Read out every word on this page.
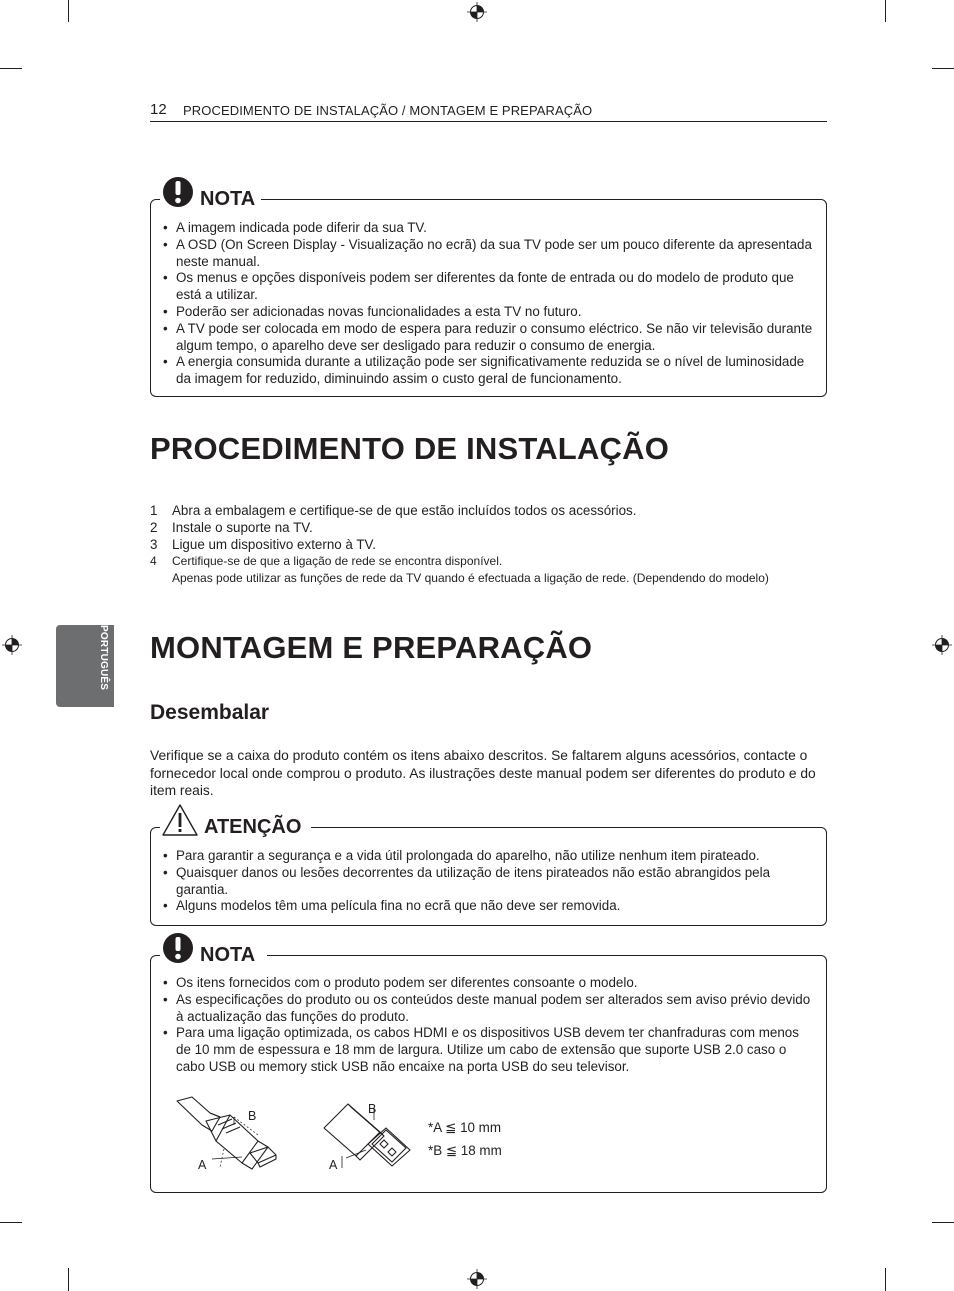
12 PROCEDIMENTO DE INSTALAÇÃO / MONTAGEM E PREPARAÇÃO
PORTUGUÊS
NOTA
• A imagem indicada pode diferir da sua TV.
• A OSD (On Screen Display - Visualização no ecrã) da sua TV pode ser um pouco diferente da apresentada neste manual.
• Os menus e opções disponíveis podem ser diferentes da fonte de entrada ou do modelo de produto que está a utilizar.
• Poderão ser adicionadas novas funcionalidades a esta TV no futuro.
• A TV pode ser colocada em modo de espera para reduzir o consumo eléctrico. Se não vir televisão durante algum tempo, o aparelho deve ser desligado para reduzir o consumo de energia.
• A energia consumida durante a utilização pode ser significativamente reduzida se o nível de luminosidade da imagem for reduzido, diminuindo assim o custo geral de funcionamento.
PROCEDIMENTO DE INSTALAÇÃO
1 Abra a embalagem e certifique-se de que estão incluídos todos os acessórios.
2 Instale o suporte na TV.
3 Ligue um dispositivo externo à TV.
4 Certifique-se de que a ligação de rede se encontra disponível.
Apenas pode utilizar as funções de rede da TV quando é efectuada a ligação de rede. (Dependendo do modelo)
MONTAGEM E PREPARAÇÃO
Desembalar
Verifique se a caixa do produto contém os itens abaixo descritos. Se faltarem alguns acessórios, contacte o fornecedor local onde comprou o produto. As ilustrações deste manual podem ser diferentes do produto e do item reais.
ATENÇÃO
• Para garantir a segurança e a vida útil prolongada do aparelho, não utilize nenhum item pirateado.
• Quaisquer danos ou lesões decorrentes da utilização de itens pirateados não estão abrangidos pela garantia.
• Alguns modelos têm uma película fina no ecrã que não deve ser removida.
NOTA
• Os itens fornecidos com o produto podem ser diferentes consoante o modelo.
• As especificações do produto ou os conteúdos deste manual podem ser alterados sem aviso prévio devido à actualização das funções do produto.
• Para uma ligação optimizada, os cabos HDMI e os dispositivos USB devem ter chanfraduras com menos de 10 mm de espessura e 18 mm de largura. Utilize um cabo de extensão que suporte USB 2.0 caso o cabo USB ou memory stick USB não encaixe na porta USB do seu televisor.
B
A
B
A
*A ≦ 10 mm
*B ≦ 18 mm
